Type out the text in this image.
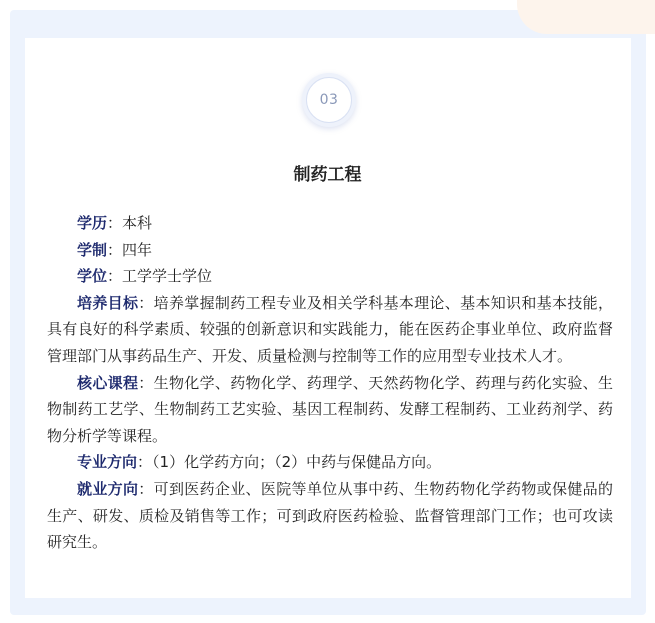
03
制药工程

学历：本科

学制：四年

学位：工学学士学位

培养目标：培养掌握制药工程专业及相关学科基本理论、基本知识和基本技能，具有良好的科学素质、较强的创新意识和实践能力，能在医药企事业单位、政府监督管理部门从事药品生产、开发、质量检测与控制等工作的应用型专业技术人才。

核心课程：生物化学、药物化学、药理学、天然药物化学、药理与药化实验、生物制药工艺学、生物制药工艺实验、基因工程制药、发酵工程制药、工业药剂学、药物分析学等课程。

专业方向：（1）化学药方向；（2）中药与保健品方向。

就业方向：可到医药企业、医院等单位从事中药、生物药物化学药物或保健品的生产、研发、质检及销售等工作；可到政府医药检验、监督管理部门工作；也可攻读研究生。
